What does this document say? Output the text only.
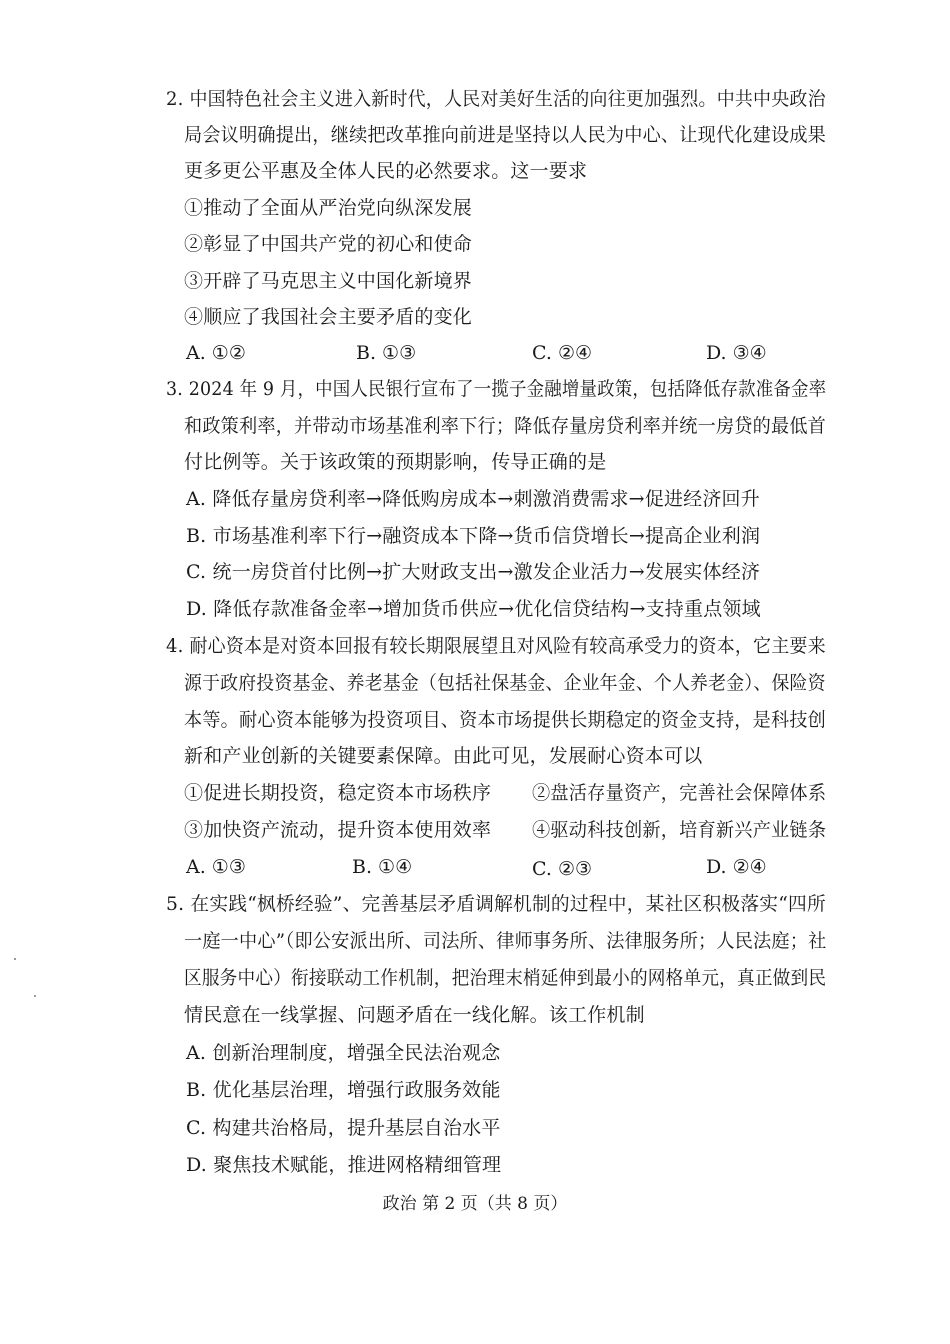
2. 中国特色社会主义进入新时代，人民对美好生活的向往更加强烈。中共中央政治
局会议明确提出，继续把改革推向前进是坚持以人民为中心、让现代化建设成果
更多更公平惠及全体人民的必然要求。这一要求
①推动了全面从严治党向纵深发展
②彰显了中国共产党的初心和使命
③开辟了马克思主义中国化新境界
④顺应了我国社会主要矛盾的变化
A. ①②	B. ①③	C. ②④	D. ③④
3. 2024 年 9 月，中国人民银行宣布了一揽子金融增量政策，包括降低存款准备金率
和政策利率，并带动市场基准利率下行；降低存量房贷利率并统一房贷的最低首
付比例等。关于该政策的预期影响，传导正确的是
A. 降低存量房贷利率→降低购房成本→刺激消费需求→促进经济回升
B. 市场基准利率下行→融资成本下降→货币信贷增长→提高企业利润
C. 统一房贷首付比例→扩大财政支出→激发企业活力→发展实体经济
D. 降低存款准备金率→增加货币供应→优化信贷结构→支持重点领域
4. 耐心资本是对资本回报有较长期限展望且对风险有较高承受力的资本，它主要来
源于政府投资基金、养老基金（包括社保基金、企业年金、个人养老金）、保险资
本等。耐心资本能够为投资项目、资本市场提供长期稳定的资金支持，是科技创
新和产业创新的关键要素保障。由此可见，发展耐心资本可以
①促进长期投资，稳定资本市场秩序 ②盘活存量资产，完善社会保障体系
③加快资产流动，提升资本使用效率 ④驱动科技创新，培育新兴产业链条
A. ①③	B. ①④	C. ②③	D. ②④
5. 在实践“枫桥经验”、完善基层矛盾调解机制的过程中，某社区积极落实“四所
一庭一中心”（即公安派出所、司法所、律师事务所、法律服务所；人民法庭；社
区服务中心）衔接联动工作机制，把治理末梢延伸到最小的网格单元，真正做到民
情民意在一线掌握、问题矛盾在一线化解。该工作机制
A. 创新治理制度，增强全民法治观念
B. 优化基层治理，增强行政服务效能
C. 构建共治格局，提升基层自治水平
D. 聚焦技术赋能，推进网格精细管理
政治 第 2 页（共 8 页）
